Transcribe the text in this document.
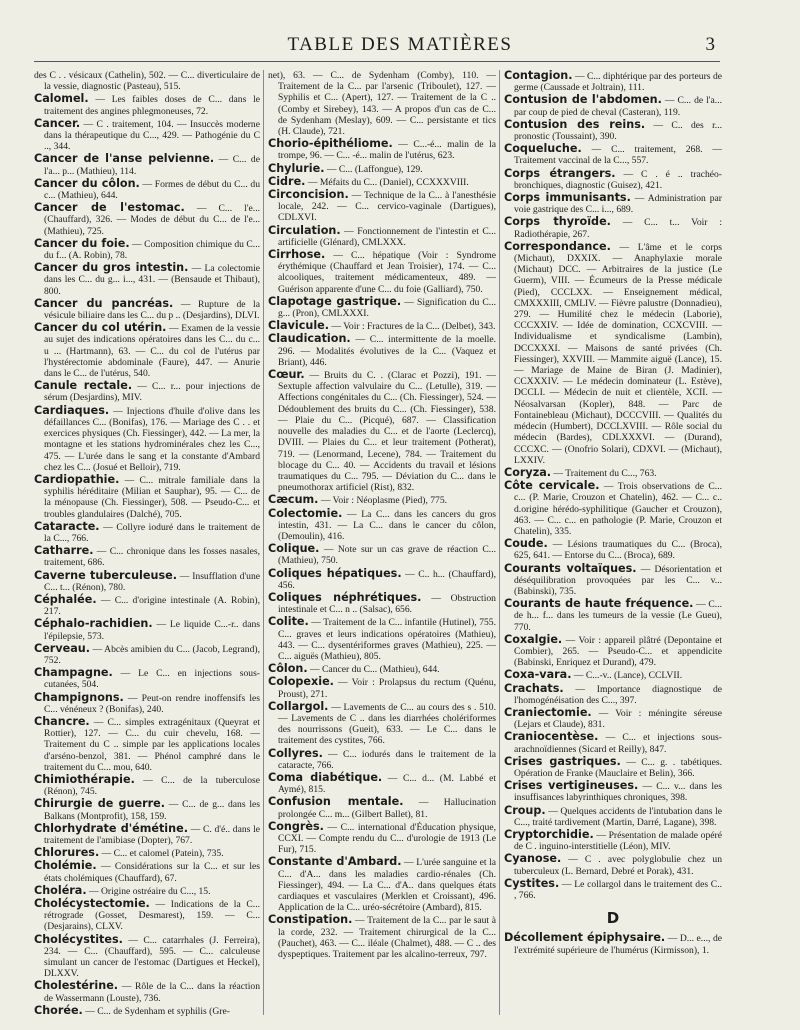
TABLE DES MATIÈRES	3

des C . . vésicaux (Cathelin), 502. — C... diverticulaire de la vessie, diagnostic (Pasteau), 515.

Calomel. — Les faibles doses de C... dans le traitement des angines phlegmoneuses, 72.

Cancer. — C . traitement, 104. — Insuccès moderne dans la thérapeutique du C..., 429. — Pathogénie du C .., 344.

Cancer de l'anse pelvienne. — C... de l'a... p... (Mathieu), 114.

Cancer du côlon. — Formes de début du C... du c... (Mathieu), 644.

Cancer de l'estomac. — C... l'e... (Chauffard), 326. — Modes de début du C... de l'e... (Mathieu), 725.

Cancer du foie. — Composition chimique du C... du f... (A. Robin), 78.

Cancer du gros intestin. — La colectomie dans les C... du g... i..., 431. — (Bensaude et Thibaut), 800.

Cancer du pancréas. — Rupture de la vésicule biliaire dans les C... du p .. (Desjardins), DLVI.

Cancer du col utérin. — Examen de la vessie au sujet des indications opératoires dans les C... du c... u ... (Hartmann), 63. — C... du col de l'utérus par l'hystérectomie abdominale (Faure), 447. — Anurie dans le C... de l'utérus, 540.

Canule rectale. — C... r... pour injections de sérum (Desjardins), MIV.

Cardiaques. — Injections d'huile d'olive dans les défaillances C... (Bonifas), 176. — Mariage des C . . et exercices physiques (Ch. Fiessinger), 442. — La mer, la montagne et les stations hydrominérales chez les C..., 475. — L'urée dans le sang et la constante d'Ambard chez les C... (Josué et Belloir), 719.

Cardiopathie. — C... mitrale familiale dans la syphilis héréditaire (Milian et Sauphar), 95. — C... de la ménopause (Ch. Fiessinger), 508. — Pseudo-C... et troubles glandulaires (Dalché), 705.

Cataracte. — Collyre ioduré dans le traitement de la C..., 766.

Catharre. — C... chronique dans les fosses nasales, traitement, 686.

Caverne tuberculeuse. — Insufflation d'une C... t... (Rénon), 780.

Céphalée. — C... d'origine intestinale (A. Robin), 217.

Céphalo-rachidien. — Le liquide C...-r.. dans l'épilepsie, 573.

Cerveau. — Abcès amibien du C... (Jacob, Legrand), 752.

Champagne. — Le C... en injections sous-cutanées, 504.

Champignons. — Peut-on rendre inoffensifs les C... vénéneux ? (Bonifas), 240.

Chancre. — C... simples extragénitaux (Queyrat et Rottier), 127. — C... du cuir chevelu, 168. — Traitement du C .. simple par les applications locales d'arséno-benzol, 381. — Phénol camphré dans le traitement du C... mou, 640.

Chimiothérapie. — C... de la tuberculose (Rénon), 745.

Chirurgie de guerre. — C... de g... dans les Balkans (Montprofit), 158, 159.

Chlorhydrate d'émétine. — C. d'é.. dans le traitement de l'amibiase (Dopter), 767.

Chlorures. — C... et calomel (Patein), 735.

Cholémie. — Considérations sur la C... et sur les états cholémiques (Chauffard), 67.

Choléra. — Origine ostréaire du C..., 15.

Cholécystectomie. — Indications de la C... rétrograde (Gosset, Desmarest), 159. — C... (Desjarains), CLXV.

Cholécystites. — C... catarrhales (J. Ferreira), 234. — C... (Chauffard), 595. — C... calculeuse simulant un cancer de l'estomac (Dartigues et Heckel), DLXXV.

Cholestérine. — Rôle de la C... dans la réaction de Wassermann (Louste), 736.

Chorée. — C... de Sydenham et syphilis (Gre-

net), 63. — C... de Sydenham (Comby), 110. — Traitement de la C... par l'arsenic (Triboulet), 127. — Syphilis et C... (Apert), 127. — Traitement de la C .. (Comby et Sirebey), 143. — A propos d'un cas de C... de Sydenham (Meslay), 609. — C... persistante et tics (H. Claude), 721.

Chorio-épithéliome. — C...-é... malin de la trompe, 96. — C... -é... malin de l'utérus, 623.

Chylurie. — C... (Laffongue), 129.

Cidre. — Méfaits du C... (Daniel), CCXXXVIII.

Circoncision. — Technique de la C... à l'anesthésie locale, 242. — C... cervico-vaginale (Dartigues), CDLXVI.

Circulation. — Fonctionnement de l'intestin et C... artificielle (Glénard), CMLXXX.

Cirrhose. — C... hépatique (Voir : Syndrome érythémique (Chauffard et Jean Troisier), 174. — C... alcooliques, traitement médicamenteux, 489. — Guérison apparente d'une C... du foie (Galliard), 750.

Clapotage gastrique. — Signification du C... g... (Pron), CMLXXXI.

Clavicule. — Voir : Fractures de la C... (Delbet), 343.

Claudication. — C... intermittente de la moelle. 296. — Modalités évolutives de la C... (Vaquez et Briant), 446.

Cœur. — Bruits du C. . (Clarac et Pozzi), 191. — Sextuple affection valvulaire du C... (Letulle), 319. — Affections congénitales du C... (Ch. Fiessinger), 524. — Dédoublement des bruits du C... (Ch. Fiessinger), 538. — Plaie du C... (Picqué), 687. — Classification nouvelle des maladies du C... et de l'aorte (Leclercq), DVIII. — Plaies du C... et leur traitement (Potherat), 719. — (Lenormand, Lecene), 784. — Traitement du blocage du C... 40. — Accidents du travail et lésions traumatiques du C... 795. — Déviation du C... dans le pneumothorax artificiel (Rist), 832.

Cæcum. — Voir : Néoplasme (Pied), 775.

Colectomie. — La C... dans les cancers du gros intestin, 431. — La C... dans le cancer du côlon, (Demoulin), 416.

Colique. — Note sur un cas grave de réaction C... (Mathieu), 750.

Coliques hépatiques. — C.. h... (Chauffard), 456.

Coliques néphrétiques. — Obstruction intestinale et C... n .. (Salsac), 656.

Colite. — Traitement de la C... infantile (Hutinel), 755. C... graves et leurs indications opératoires (Mathieu), 443. — C... dysentériformes graves (Mathieu), 225. — C... aiguës (Mathieu), 805.

Côlon. — Cancer du C... (Mathieu), 644.

Colopexie. — Voir : Prolapsus du rectum (Quénu, Proust), 271.

Collargol. — Lavements de C... au cours des s . 510. — Lavements de C .. dans les diarrhées cholériformes des nourrissons (Gueit), 633. — Le C... dans le traitement des cystites, 766.

Collyres. — C... iodurés dans le traitement de la cataracte, 766.

Coma diabétique. — C... d... (M. Labbé et Aymé), 815.

Confusion mentale. — Hallucination prolongée C... m... (Gilbert Ballet), 81.

Congrès. — C... international d'Éducation physique, CCXI. — Compte rendu du C... d'urologie de 1913 (Le Fur), 715.

Constante d'Ambard. — L'urée sanguine et la C... d'A... dans les maladies cardio-rénales (Ch. Fiessinger), 494. — La C... d'A.. dans quelques états cardiaques et vasculaires (Merklen et Croissant), 496. Application de la C... uréo-sécrétoire (Ambard), 815.

Constipation. — Traitement de la C... par le saut à la corde, 232. — Traitement chirurgical de la C... (Pauchet), 463. — C... iléale (Chalmet), 488. — C .. des dyspeptiques. Traitement par les alcalino-terreux, 797.

Contagion. — C... diphtérique par des porteurs de germe (Caussade et Joltrain), 111.

Contusion de l'abdomen. — C... de l'a... par coup de pied de cheval (Casteran), 119.

Contusion des reins. — C.. des r... pronostic (Toussaint), 390.

Coqueluche. — C... traitement, 268. — Traitement vaccinal de la C..., 557.

Corps étrangers. — C . é .. trachéo-bronchiques, diagnostic (Guisez), 421.

Corps immunisants. — Administration par voie gastrique des C... i..., 689.

Corps thyroïde. — C... t... Voir : Radiothérapie, 267.

Correspondance. — L'âme et le corps (Michaut), DXXIX. — Anaphylaxie morale (Michaut) DCC. — Arbitraires de la justice (Le Guerm), VIII. — Écumeurs de la Presse médicale (Pied), CCCLXX. — Enseignement médical, CMXXXIII, CMLIV. — Fièvre palustre (Donnadieu), 279. — Humilité chez le médecin (Laborie), CCCXXIV. — Idée de domination, CCXCVIII. — Individualisme et syndicalisme (Lambin), DCCXXXI. — Maisons de santé privées (Ch. Fiessinger), XXVIII. — Mammite aiguë (Lance), 15. — Mariage de Maine de Biran (J. Madinier), CCXXXIV. — Le médecin dominateur (L. Estève), DCCLI. — Médecin de nuit et clientèle, XCII. — Néosalvarsan (Kopler), 848. — Parc de Fontainebleau (Michaut), DCCCVIII. — Qualités du médecin (Humbert), DCCLXVIII. — Rôle social du médecin (Bardes), CDLXXXVI. — (Durand), CCCXC. — (Onofrio Solari), CDXVI. — (Michaut), LXXIV.

Coryza. — Traitement du C..., 763.

Côte cervicale. — Trois observations de C... c... (P. Marie, Crouzon et Chatelin), 462. — C... c.. d.origine hérédo-syphilitique (Gaucher et Crouzon), 463. — C... c... en pathologie (P. Marie, Crouzon et Chatelin), 335.

Coude. — Lésions traumatiques du C... (Broca), 625, 641. — Entorse du C... (Broca), 689.

Courants voltaïques. — Désorientation et déséquilibration provoquées par les C... v... (Babinski), 735.

Courants de haute fréquence. — C... de h... f... dans les tumeurs de la vessie (Le Gueu), 770.

Coxalgie. — Voir : appareil plâtré (Depontaine et Combier), 265. — Pseudo-C... et appendicite (Babinski, Enriquez et Durand), 479.

Coxa-vara. — C...-v.. (Lance), CCLVII.

Crachats. — Importance diagnostique de l'homogénéisation des C..., 397.

Craniectomie. — Voir : méningite séreuse (Lejars et Claude), 831.

Craniocentèse. — C... et injections sous-arachnoïdiennes (Sicard et Reilly), 847.

Crises gastriques. — C... g. . tabétiques. Opération de Franke (Mauclaire et Belin), 366.

Crises vertigineuses. — C... v... dans les insuffisances labyrinthiques chroniques, 398.

Croup. — Quelques accidents de l'intubation dans le C..., traité tardivement (Martin, Darré, Lagane), 398.

Cryptorchidie. — Présentation de malade opéré de C . inguino-interstitielle (Léon), MIV.

Cyanose. — C . avec polyglobulie chez un tuberculeux (L. Bernard, Debré et Porak), 431.

Cystites. — Le collargol dans le traitement des C.. , 766.

D

Décollement épiphysaire. — D... e..., de l'extrémité supérieure de l'humérus (Kirmisson), 1.
